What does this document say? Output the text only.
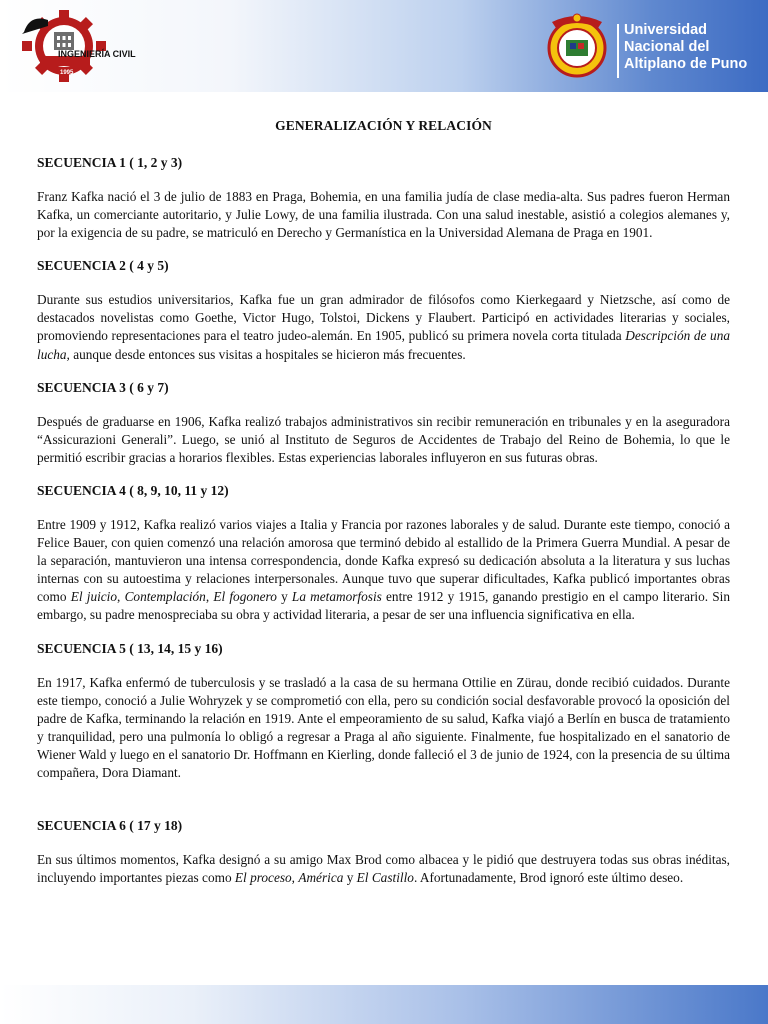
INGENIERÍA CIVIL
1995
Universidad
Nacional del
Altiplano de Puno
GENERALIZACIÓN Y RELACIÓN
SECUENCIA 1 ( 1, 2 y 3)
Franz Kafka nació el 3 de julio de 1883 en Praga, Bohemia, en una familia judía de clase media-alta. Sus padres fueron Herman Kafka, un comerciante autoritario, y Julie Lowy, de una familia ilustrada. Con una salud inestable, asistió a colegios alemanes y, por la exigencia de su padre, se matriculó en Derecho y Germanística en la Universidad Alemana de Praga en 1901.
SECUENCIA 2 ( 4 y 5)
Durante sus estudios universitarios, Kafka fue un gran admirador de filósofos como Kierkegaard y Nietzsche, así como de destacados novelistas como Goethe, Victor Hugo, Tolstoi, Dickens y Flaubert. Participó en actividades literarias y sociales, promoviendo representaciones para el teatro judeo-alemán. En 1905, publicó su primera novela corta titulada Descripción de una lucha, aunque desde entonces sus visitas a hospitales se hicieron más frecuentes.
SECUENCIA 3 ( 6 y 7)
Después de graduarse en 1906, Kafka realizó trabajos administrativos sin recibir remuneración en tribunales y en la aseguradora “Assicurazioni Generali”. Luego, se unió al Instituto de Seguros de Accidentes de Trabajo del Reino de Bohemia, lo que le permitió escribir gracias a horarios flexibles. Estas experiencias laborales influyeron en sus futuras obras.
SECUENCIA 4 ( 8, 9, 10, 11 y 12)
Entre 1909 y 1912, Kafka realizó varios viajes a Italia y Francia por razones laborales y de salud. Durante este tiempo, conoció a Felice Bauer, con quien comenzó una relación amorosa que terminó debido al estallido de la Primera Guerra Mundial. A pesar de la separación, mantuvieron una intensa correspondencia, donde Kafka expresó su dedicación absoluta a la literatura y sus luchas internas con su autoestima y relaciones interpersonales. Aunque tuvo que superar dificultades, Kafka publicó importantes obras como El juicio, Contemplación, El fogonero y La metamorfosis entre 1912 y 1915, ganando prestigio en el campo literario. Sin embargo, su padre menospreciaba su obra y actividad literaria, a pesar de ser una influencia significativa en ella.
SECUENCIA 5 ( 13, 14, 15 y 16)
En 1917, Kafka enfermó de tuberculosis y se trasladó a la casa de su hermana Ottilie en Zürau, donde recibió cuidados. Durante este tiempo, conoció a Julie Wohryzek y se comprometió con ella, pero su condición social desfavorable provocó la oposición del padre de Kafka, terminando la relación en 1919. Ante el empeoramiento de su salud, Kafka viajó a Berlín en busca de tratamiento y tranquilidad, pero una pulmonía lo obligó a regresar a Praga al año siguiente. Finalmente, fue hospitalizado en el sanatorio de Wiener Wald y luego en el sanatorio Dr. Hoffmann en Kierling, donde falleció el 3 de junio de 1924, con la presencia de su última compañera, Dora Diamant.
SECUENCIA 6 ( 17 y 18)
En sus últimos momentos, Kafka designó a su amigo Max Brod como albacea y le pidió que destruyera todas sus obras inéditas, incluyendo importantes piezas como El proceso, América y El Castillo. Afortunadamente, Brod ignoró este último deseo.
